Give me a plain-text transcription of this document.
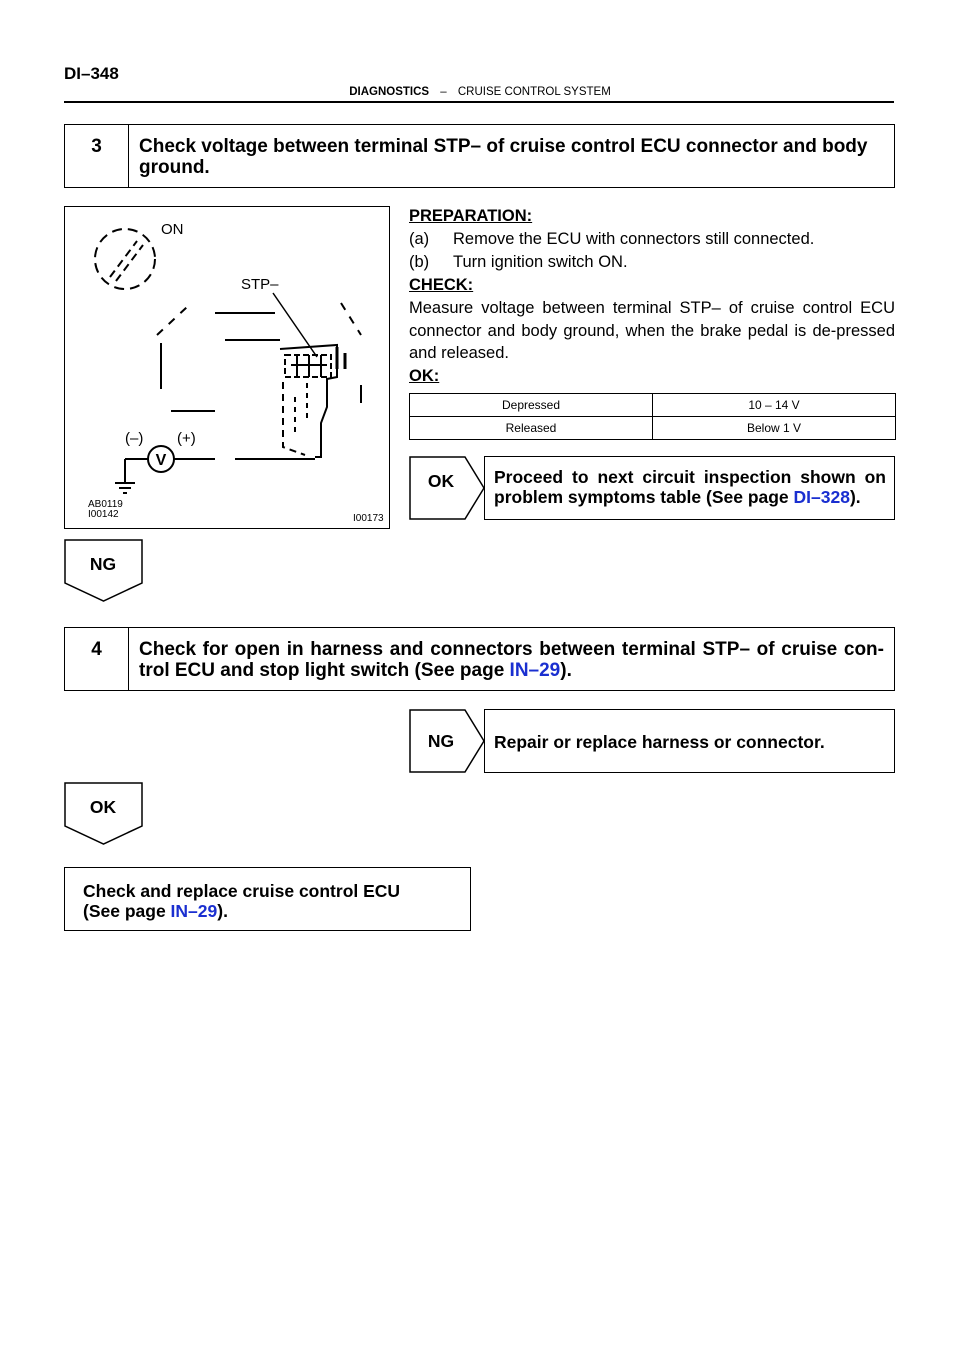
DI–348
DIAGNOSTICS – CRUISE CONTROL SYSTEM
3	Check voltage between terminal STP– of cruise control ECU connector and body ground.
V
ON
STP–
(–) (+)
AB0119
I00142	I00173
PREPARATION:
(a)	Remove the ECU with connectors still connected.
(b)	Turn ignition switch ON.
CHECK:
Measure voltage between terminal STP– of cruise control ECU connector and body ground, when the brake pedal is de-pressed and released.
OK:
Depressed	10 – 14 V
Released	Below 1 V
OK	Proceed to next circuit inspection shown on problem symptoms table (See page DI–328).
NG
4	Check for open in harness and connectors between terminal STP– of cruise con-trol ECU and stop light switch (See page IN–29).
NG	Repair or replace harness or connector.
OK
Check and replace cruise control ECU
(See page IN–29).
